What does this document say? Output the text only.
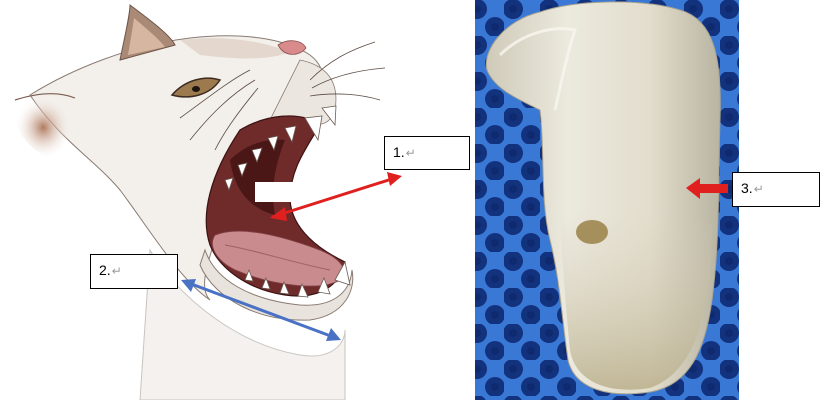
1.↵
2.↵
3.↵
